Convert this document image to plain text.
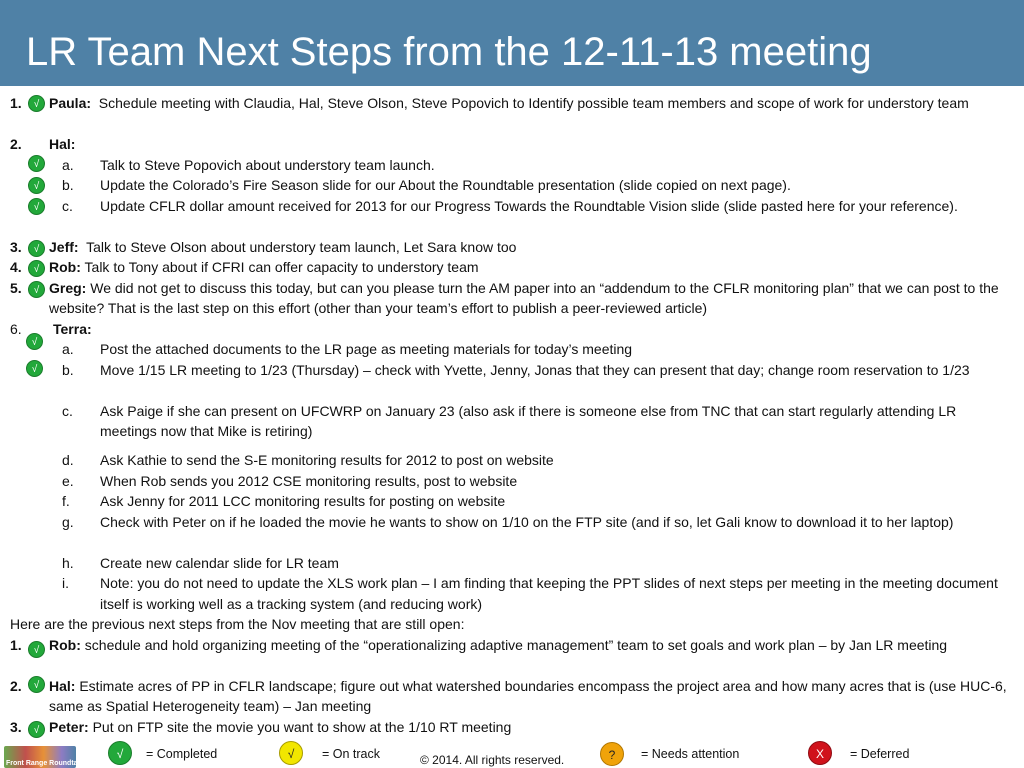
LR Team Next Steps from the 12-11-13 meeting
1.	√ Paula: Schedule meeting with Claudia, Hal, Steve Olson, Steve Popovich to Identify possible team members and scope of work for understory team
2. Hal:
√	a. Talk to Steve Popovich about understory team launch.
√	b. Update the Colorado’s Fire Season slide for our About the Roundtable presentation (slide copied on next page).
√	c. Update CFLR dollar amount received for 2013 for our Progress Towards the Roundtable Vision slide (slide pasted here for your reference).
3.	√ Jeff: Talk to Steve Olson about understory team launch, Let Sara know too
4.	√ Rob: Talk to Tony about if CFRI can offer capacity to understory team
5.	√ Greg: We did not get to discuss this today, but can you please turn the AM paper into an “addendum to the CFLR monitoring plan” that we can post to the website? That is the last step on this effort (other than your team’s effort to publish a peer-reviewed article)
6. Terra:
√	a. Post the attached documents to the LR page as meeting materials for today’s meeting
√	b. Move 1/15 LR meeting to 1/23 (Thursday) – check with Yvette, Jenny, Jonas that they can present that day; change room reservation to 1/23
c. Ask Paige if she can present on UFCWRP on January 23 (also ask if there is someone else from TNC that can start regularly attending LR meetings now that Mike is retiring)
d. Ask Kathie to send the S-E monitoring results for 2012 to post on website
e. When Rob sends you 2012 CSE monitoring results, post to website
f. Ask Jenny for 2011 LCC monitoring results for posting on website
g. Check with Peter on if he loaded the movie he wants to show on 1/10 on the FTP site (and if so, let Gali know to download it to her laptop)
h. Create new calendar slide for LR team
i. Note: you do not need to update the XLS work plan – I am finding that keeping the PPT slides of next steps per meeting in the meeting document itself is working well as a tracking system (and reducing work)
Here are the previous next steps from the Nov meeting that are still open:
1.	√ Rob: schedule and hold organizing meeting of the “operationalizing adaptive management” team to set goals and work plan – by Jan LR meeting
2.	√ Hal: Estimate acres of PP in CFLR landscape; figure out what watershed boundaries encompass the project area and how many acres that is (use HUC-6, same as Spatial Heterogeneity team) – Jan meeting
3.	√ Peter: Put on FTP site the movie you want to show at the 1/10 RT meeting
Front Range Roundtable
√	= Completed	√	= On track	© 2014. All rights reserved.	?	= Needs attention	X	= Deferred
